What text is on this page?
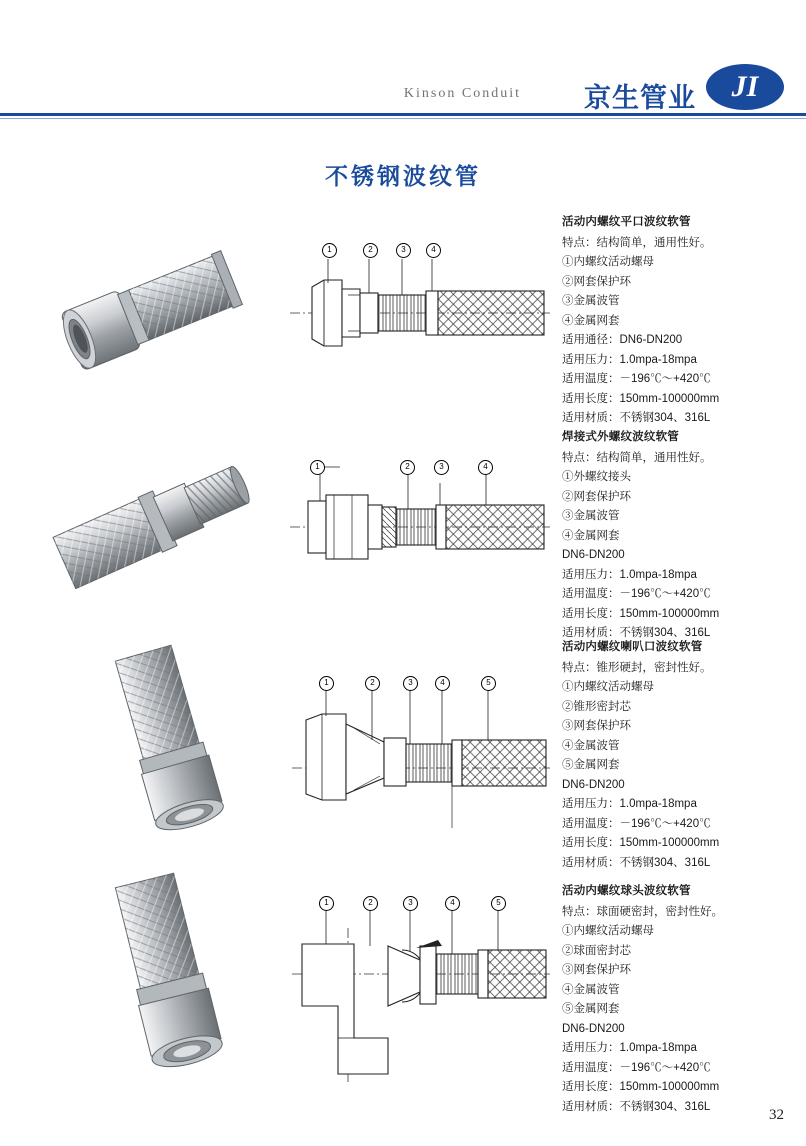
Kinson Conduit 京生管业	JI
不锈钢波纹管
1	2	3	4
活动内螺纹平口波纹软管
特点：结构简单，通用性好。
①内螺纹活动螺母
②网套保护环
③金属波管
④金属网套
适用通径：DN6-DN200
适用压力：1.0mpa-18mpa
适用温度：－196℃～+420℃
适用长度：150mm-100000mm
适用材质：不锈钢304、316L
1	2	3	4
焊接式外螺纹波纹软管
特点：结构简单，通用性好。
①外螺纹接头
②网套保护环
③金属波管
④金属网套
DN6-DN200
适用压力：1.0mpa-18mpa
适用温度：－196℃～+420℃
适用长度：150mm-100000mm
适用材质：不锈钢304、316L
1	2	3	4	5
活动内螺纹喇叭口波纹软管
特点：锥形硬封，密封性好。
①内螺纹活动螺母
②锥形密封芯
③网套保护环
④金属波管
⑤金属网套
DN6-DN200
适用压力：1.0mpa-18mpa
适用温度：－196℃～+420℃
适用长度：150mm-100000mm
适用材质：不锈钢304、316L
1	2	3	4	5
活动内螺纹球头波纹软管
特点：球面硬密封，密封性好。
①内螺纹活动螺母
②球面密封芯
③网套保护环
④金属波管
⑤金属网套
DN6-DN200
适用压力：1.0mpa-18mpa
适用温度：－196℃～+420℃
适用长度：150mm-100000mm
适用材质：不锈钢304、316L
32
